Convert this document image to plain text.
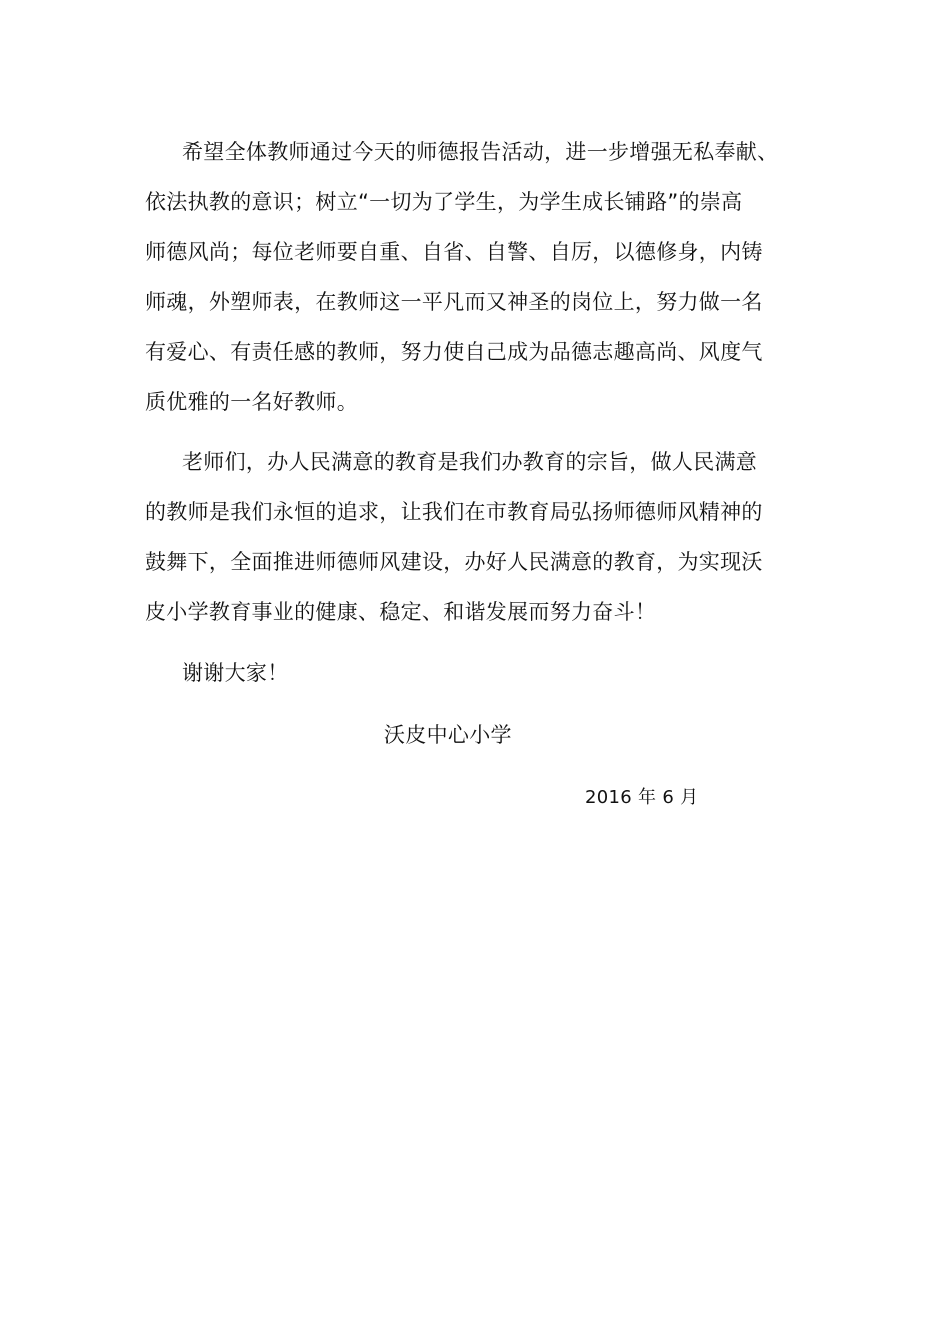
希望全体教师通过今天的师德报告活动，进一步增强无私奉献、
依法执教的意识；树立“一切为了学生，为学生成长铺路”的崇高
师德风尚；每位老师要自重、自省、自警、自厉，以德修身，内铸
师魂，外塑师表，在教师这一平凡而又神圣的岗位上，努力做一名
有爱心、有责任感的教师，努力使自己成为品德志趣高尚、风度气
质优雅的一名好教师。
老师们，办人民满意的教育是我们办教育的宗旨，做人民满意
的教师是我们永恒的追求，让我们在市教育局弘扬师德师风精神的
鼓舞下，全面推进师德师风建设，办好人民满意的教育，为实现沃
皮小学教育事业的健康、稳定、和谐发展而努力奋斗！
谢谢大家！
沃皮中心小学
2016 年 6 月
